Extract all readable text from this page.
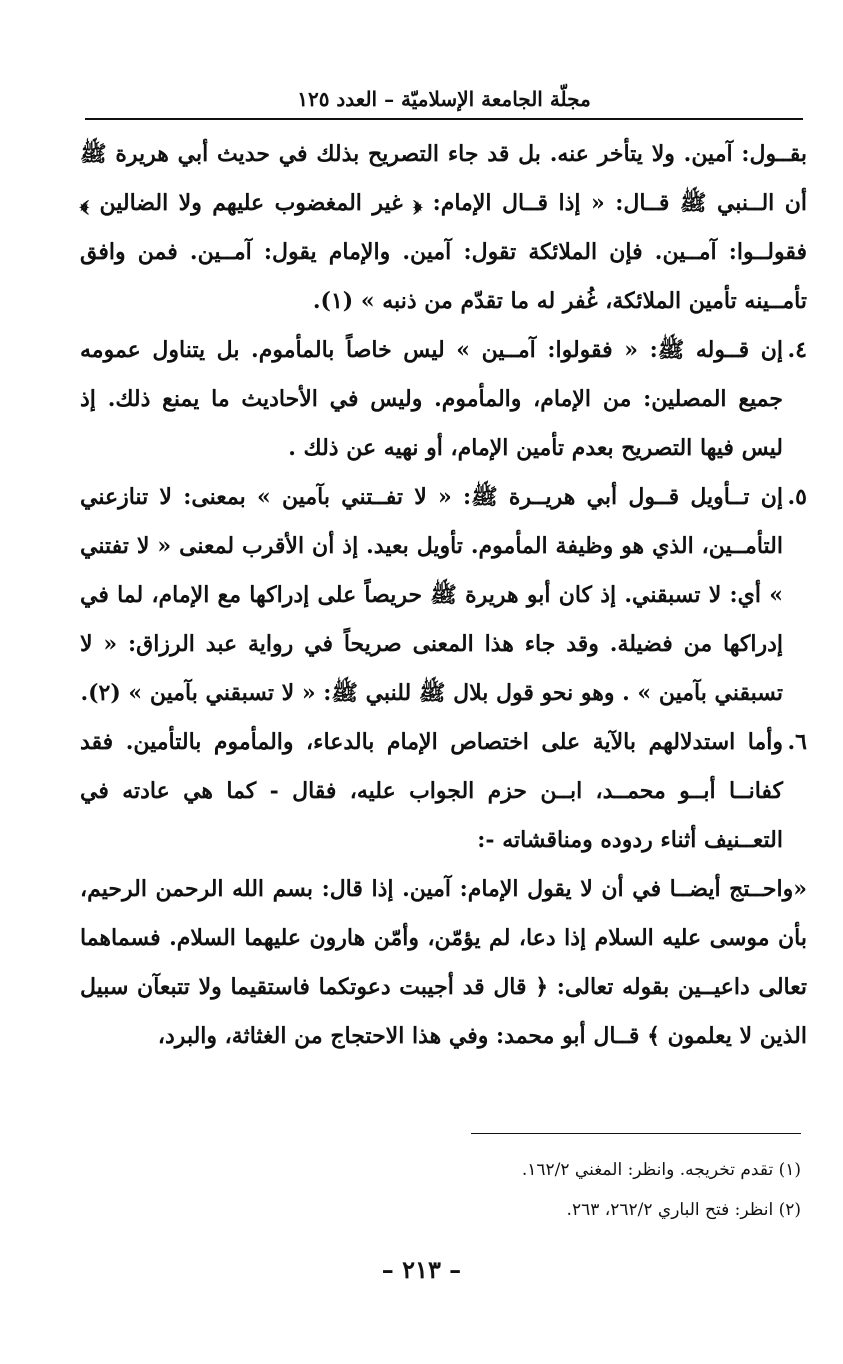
مجلّة الجامعة الإسلاميّة – العدد ١٢٥

بقــول: آمين. ولا يتأخر عنه. بل قد جاء التصريح بذلك في حديث أبي هريرة ﷺ أن الــنبي ﷺ قــال: « إذا قــال الإمام: ﴿ غير المغضوب عليهم ولا الضالين ﴾ فقولــوا: آمــين. فإن الملائكة تقول: آمين. والإمام يقول: آمــين. فمن وافق تأمــينه تأمين الملائكة، غُفر له ما تقدّم من ذنبه » (١).

٤.
إن قــوله ﷺ: « فقولوا: آمــين » ليس خاصاً بالمأموم. بل يتناول عمومه جميع المصلين: من الإمام، والمأموم. وليس في الأحاديث ما يمنع ذلك. إذ ليس فيها التصريح بعدم تأمين الإمام، أو نهيه عن ذلك .
٥.
إن تــأويل قــول أبي هريــرة ﷺ: « لا تفــتني بآمين » بمعنى: لا تنازعني التأمــين، الذي هو وظيفة المأموم. تأويل بعيد. إذ أن الأقرب لمعنى « لا تفتني » أي: لا تسبقني. إذ كان أبو هريرة ﷺ حريصاً على إدراكها مع الإمام، لما في إدراكها من فضيلة. وقد جاء هذا المعنى صريحاً في رواية عبد الرزاق: « لا تسبقني بآمين » . وهو نحو قول بلال ﷺ للنبي ﷺ: « لا تسبقني بآمين » (٢).
٦.
وأما استدلالهم بالآية على اختصاص الإمام بالدعاء، والمأموم بالتأمين. فقد كفانــا أبــو محمــد، ابــن حزم الجواب عليه، فقال - كما هي عادته في التعــنيف أثناء ردوده ومناقشاته -:

«واحــتج أيضــا في أن لا يقول الإمام: آمين. إذا قال: بسم الله الرحمن الرحيم، بأن موسى عليه السلام إذا دعا، لم يؤمّن، وأمّن هارون عليهما السلام. فسماهما تعالى داعيــين بقوله تعالى: ﴿ قال قد أجيبت دعوتكما فاستقيما ولا تتبعآن سبيل الذين لا يعلمون ﴾ قــال أبو محمد: وفي هذا الاحتجاج من الغثاثة، والبرد،

(١) تقدم تخريجه. وانظر: المغني ١٦٢/٢.

(٢) انظر: فتح الباري ٢٦٢/٢، ٢٦٣.

– ٢١٣ –
